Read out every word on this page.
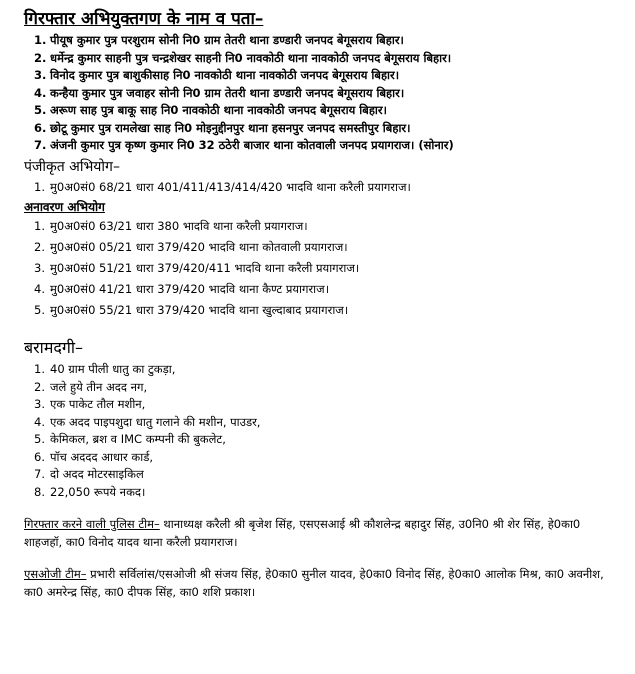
गिरफ्तार अभियुक्तगण के नाम व पता–
1. पीयूष कुमार पुत्र परशुराम सोनी नि0 ग्राम तेतरी थाना डण्डारी जनपद बेगूसराय बिहार।
2. धर्मेन्द्र कुमार साहनी पुत्र चन्द्रशेखर साहनी नि0 नावकोठी थाना नावकोठी जनपद बेगूसराय बिहार।
3. विनोद कुमार पुत्र बाशुकीसाह नि0 नावकोठी थाना नावकोठी जनपद बेगूसराय बिहार।
4. कन्हैया कुमार पुत्र जवाहर सोनी नि0 ग्राम तेतरी थाना डण्डारी जनपद बेगूसराय बिहार।
5. अरूण साह पुत्र बाकू साह नि0 नावकोठी थाना नावकोठी जनपद बेगूसराय बिहार।
6. छोटू कुमार पुत्र रामलेखा साह नि0 मोइनुद्दीनपुर थाना हसनपुर जनपद समस्तीपुर बिहार।
7. अंजनी कुमार पुत्र कृष्ण कुमार नि0 32 ठठेरी बाजार थाना कोतवाली जनपद प्रयागराज। (सोनार)
पंजीकृत अभियोग–
1. मु0अ0सं0 68/21 धारा 401/411/413/414/420 भादवि थाना करैली प्रयागराज।
अनावरण अभियोग
1. मु0अ0सं0 63/21 धारा 380 भादवि थाना करैली प्रयागराज।
2. मु0अ0सं0 05/21 धारा 379/420 भादवि थाना कोतवाली प्रयागराज।
3. मु0अ0सं0 51/21 धारा 379/420/411 भादवि थाना करैली प्रयागराज।
4. मु0अ0सं0 41/21 धारा 379/420 भादवि थाना कैण्ट प्रयागराज।
5. मु0अ0सं0 55/21 धारा 379/420 भादवि थाना खुल्दाबाद प्रयागराज।
बरामदगी–
1. 40 ग्राम पीली धातु का टुकड़ा,
2. जले हुये तीन अदद नग,
3. एक पाकेट तौल मशीन,
4. एक अदद पाइपशुदा धातु गलाने की मशीन, पाउडर,
5. केमिकल, ब्रश व IMC कम्पनी की बुकलेट,
6. पॉच अददद आधार कार्ड,
7. दो अदद मोटरसाइकिल
8. 22,050 रूपये नकद।

गिरफ्तार करने वाली पुलिस टीम– थानाध्यक्ष करैली श्री बृजेश सिंह, एसएसआई श्री कौशलेन्द्र बहादुर सिंह, उ0नि0 श्री शेर सिंह, हे0का0 शाहजहॉ, का0 विनोद यादव थाना करैली प्रयागराज।

एसओजी टीम– प्रभारी सर्विलांस/एसओजी श्री संजय सिंह, हे0का0 सुनील यादव, हे0का0 विनोद सिंह, हे0का0 आलोक मिश्र, का0 अवनीश, का0 अमरेन्द्र सिंह, का0 दीपक सिंह, का0 शशि प्रकाश।
